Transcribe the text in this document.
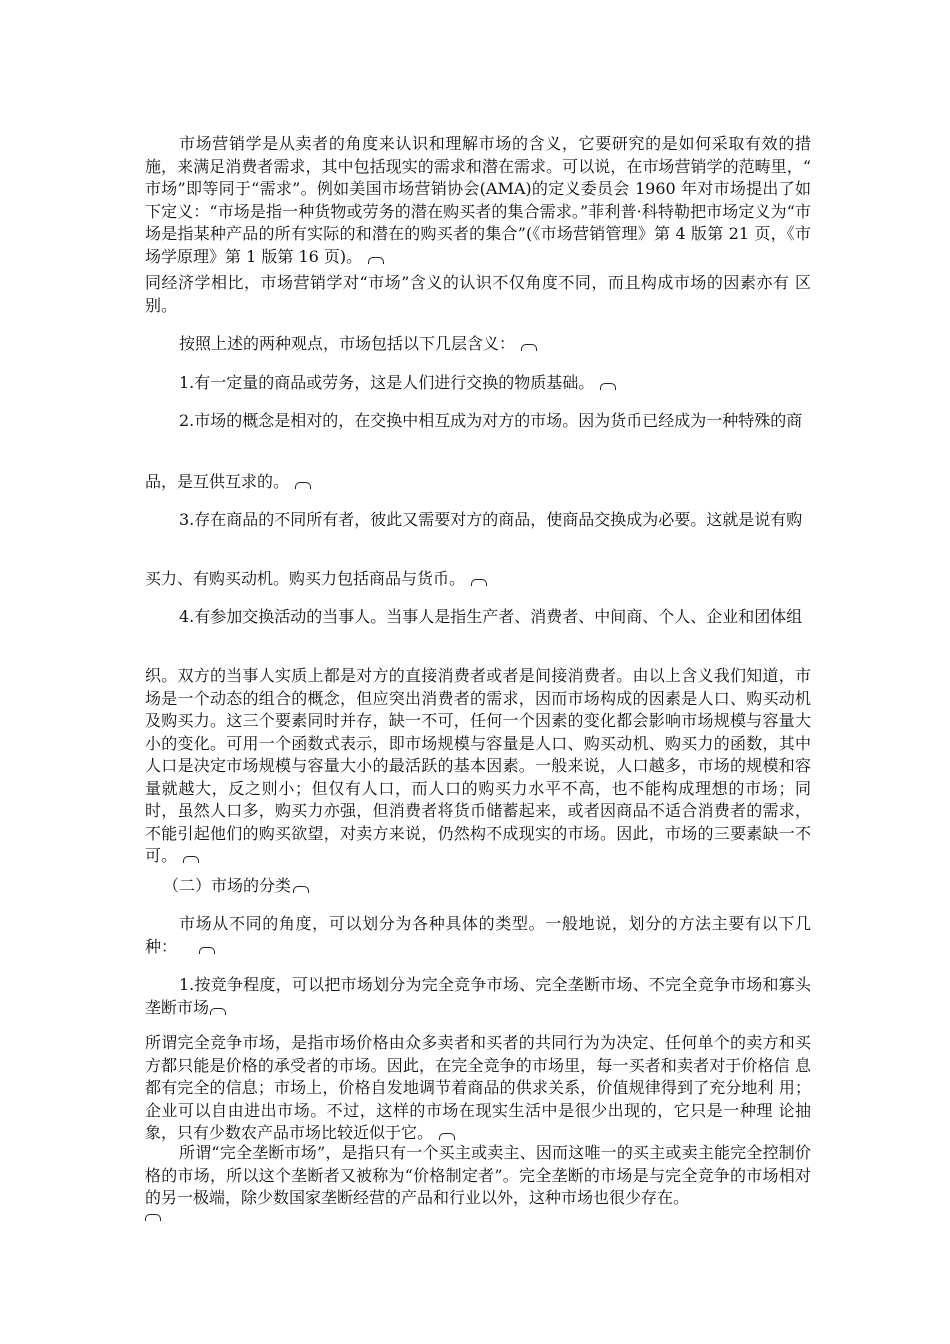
市场营销学是从卖者的角度来认识和理解市场的含义，它要研究的是如何采取有效的措施，来满足消费者需求，其中包括现实的需求和潜在需求。可以说，在市场营销学的范畴里，“ 市场”即等同于“需求”。例如美国市场营销协会(AMA)的定义委员会 1960 年对市场提出了如下定义：“市场是指一种货物或劳务的潜在购买者的集合需求。”菲利普·科特勒把市场定义为“市场是指某种产品的所有实际的和潜在的购买者的集合”(《市场营销管理》第 4 版第 21 页，《市场学原理》第 1 版第 16 页)。

同经济学相比，市场营销学对“市场”含义的认识不仅角度不同，而且构成市场的因素亦有 区别。

按照上述的两种观点，市场包括以下几层含义：

1.有一定量的商品或劳务，这是人们进行交换的物质基础。

2.市场的概念是相对的，在交换中相互成为对方的市场。因为货币已经成为一种特殊的商

品，是互供互求的。

3.存在商品的不同所有者，彼此又需要对方的商品，使商品交换成为必要。这就是说有购

买力、有购买动机。购买力包括商品与货币。

4.有参加交换活动的当事人。当事人是指生产者、消费者、中间商、个人、企业和团体组

织。双方的当事人实质上都是对方的直接消费者或者是间接消费者。由以上含义我们知道，市场是一个动态的组合的概念，但应突出消费者的需求，因而市场构成的因素是人口、购买动机及购买力。这三个要素同时并存，缺一不可，任何一个因素的变化都会影响市场规模与容量大小的变化。可用一个函数式表示，即市场规模与容量是人口、购买动机、购买力的函数，其中人口是决定市场规模与容量大小的最活跃的基本因素。一般来说，人口越多，市场的规模和容量就越大，反之则小；但仅有人口，而人口的购买力水平不高，也不能构成理想的市场；同时，虽然人口多，购买力亦强，但消费者将货币储蓄起来，或者因商品不适合消费者的需求，不能引起他们的购买欲望，对卖方来说，仍然构不成现实的市场。因此，市场的三要素缺一不可。

（二）市场的分类

市场从不同的角度，可以划分为各种具体的类型。一般地说，划分的方法主要有以下几种：

1.按竞争程度，可以把市场划分为完全竞争市场、完全垄断市场、不完全竞争市场和寡头垄断市场

所谓完全竞争市场，是指市场价格由众多卖者和买者的共同行为为决定、任何单个的卖方和买方都只能是价格的承受者的市场。因此，在完全竞争的市场里，每一买者和卖者对于价格信 息都有完全的信息；市场上，价格自发地调节着商品的供求关系，价值规律得到了充分地利 用；企业可以自由进出市场。不过，这样的市场在现实生活中是很少出现的，它只是一种理 论抽象，只有少数农产品市场比较近似于它。

所谓“完全垄断市场”，是指只有一个买主或卖主、因而这唯一的买主或卖主能完全控制价 格的市场，所以这个垄断者又被称为“价格制定者”。完全垄断的市场是与完全竞争的市场相对的另一极端，除少数国家垄断经营的产品和行业以外，这种市场也很少存在。
